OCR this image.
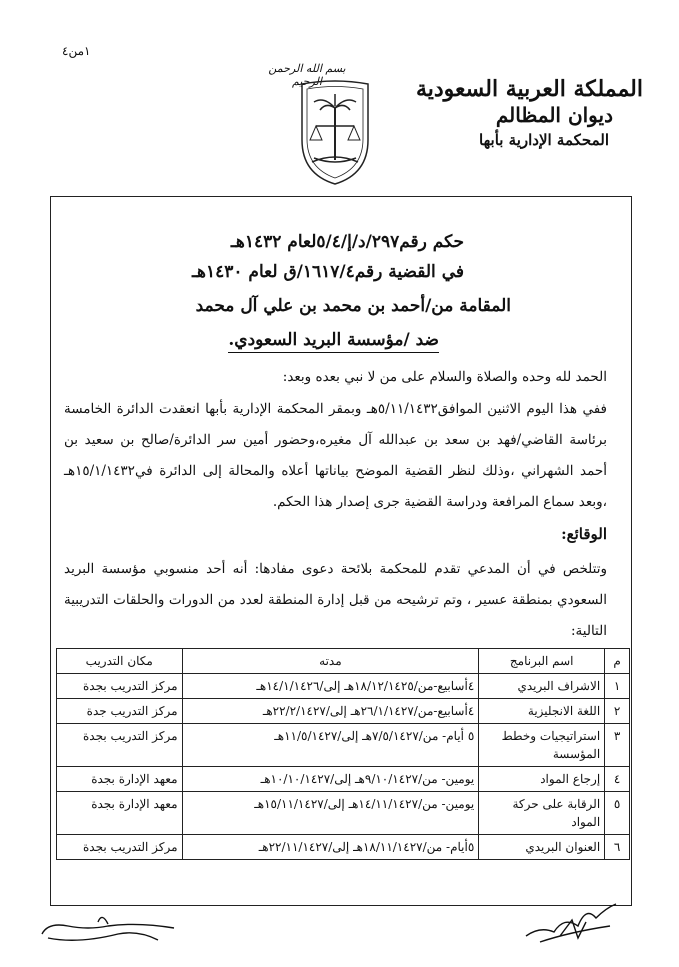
١من٤
بسم الله الرحمن الرحيم	المملكة العربية السعودية
ديوان المظالم
المحكمة الإدارية بأبها
حكم رقم٢٩٧/د/إ/٥/٤لعام ١٤٣٢هـ
في القضية رقم١٦١٧/٤/ق لعام ١٤٣٠هـ
المقامة من/أحمد بن محمد بن علي آل محمد
ضد /مؤسسة البريد السعودي.
الحمد لله وحده والصلاة والسلام على من لا نبي بعده وبعد:
ففي هذا اليوم الاثنين الموافق٥/١١/١٤٣٢هـ وبمقر المحكمة الإدارية بأبها انعقدت الدائرة الخامسة برئاسة القاضي/فهد بن سعد بن عبدالله آل مغيره،وحضور أمين سر الدائرة/صالح بن سعيد بن أحمد الشهراني ،وذلك لنظر القضية الموضح بياناتها أعلاه والمحالة إلى الدائرة في١٥/١/١٤٣٢هـ ،وبعد سماع المرافعة ودراسة القضية جرى إصدار هذا الحكم.
الوقائع:
وتتلخص في أن المدعي تقدم للمحكمة بلائحة دعوى مفادها: أنه أحد منسوبي مؤسسة البريد السعودي بمنطقة عسير ، وتم ترشيحه من قبل إدارة المنطقة لعدد من الدورات والحلقات التدريبية التالية:
م	اسم البرنامج	مدته	مكان التدريب
١	الاشراف البريدي	٤أسابيع-من/١٨/١٢/١٤٢٥هـ إلى/١٤/١/١٤٢٦هـ	مركز التدريب بجدة
٢	اللغة الانجليزية	٤أسابيع-من/٢٦/١/١٤٢٧هـ إلى/٢٢/٢/١٤٢٧هـ	مركز التدريب جدة
٣	استراتيجيات وخطط المؤسسة	٥ أيام- من/٧/٥/١٤٢٧هـ إلى/١١/٥/١٤٢٧هـ	مركز التدريب بجدة
٤	إرجاع المواد	يومين- من/٩/١٠/١٤٢٧هـ إلى/١٠/١٠/١٤٢٧هـ	معهد الإدارة بجدة
٥	الرقابة على حركة المواد	يومين- من/١٤/١١/١٤٢٧هـ إلى/١٥/١١/١٤٢٧هـ	معهد الإدارة بجدة
٦	العنوان البريدي	٥أيام- من/١٨/١١/١٤٢٧هـ إلى/٢٢/١١/١٤٢٧هـ	مركز التدريب بجدة
